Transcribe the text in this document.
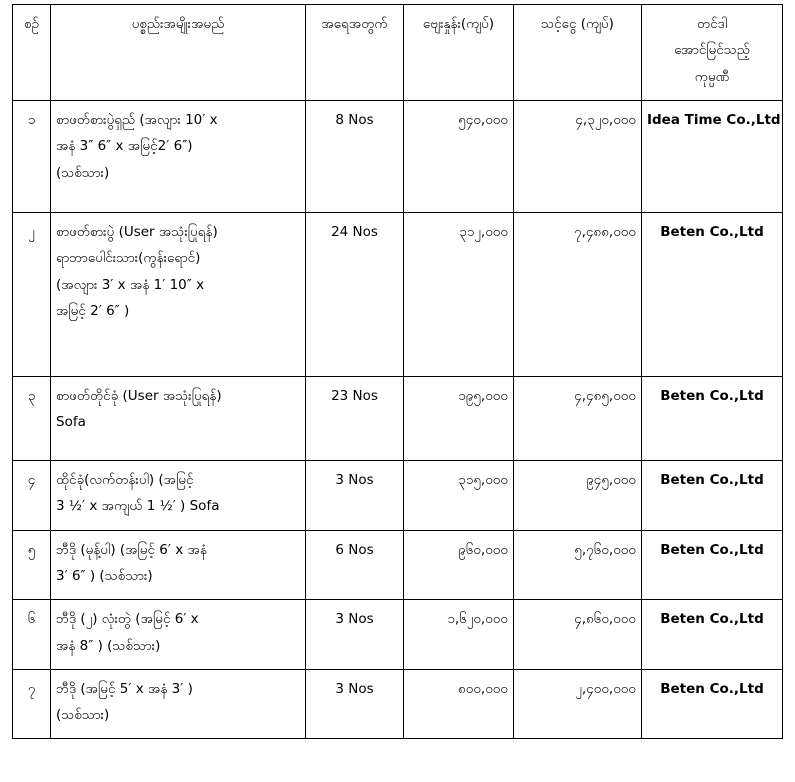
စဉ်	ပစ္စည်းအမျိုးအမည်	အရေအတွက်	ဗျေးနှုန်း(ကျပ်)	သင့်ငွေ (ကျပ်)	တင်ဒါ
အောင်မြင်သည့်
ကုမ္ပဏီ

၁	စာဖတ်စားပွဲရှည် (အလျား 10′ x
အနံ 3″ 6″ x အမြင့်2′ 6″)
(သစ်သား)	8 Nos	၅၄၀,၀၀၀	၄,၃၂၀,၀၀၀	Idea Time Co.,Ltd
၂	စာဖတ်စားပွဲ (User အသုံးပြုရန်)
ရာဘာပေါင်းသား(ကွန်းရောင်)
(အလျား 3′ x အနံ 1′ 10″ x
အမြင့် 2′ 6″ )	24 Nos	၃၁၂,၀၀၀	၇,၄၈၈,၀၀၀	Beten Co.,Ltd
၃	စာဖတ်တိုင်ခုံ (User အသုံးပြုရန်)
Sofa	23 Nos	၁၉၅,၀၀၀	၄,၄၈၅,၀၀၀	Beten Co.,Ltd
၄	ထိုင်ခုံ(လက်တန်းပါ) (အမြင့်
3 ½′ x အကျယ် 1 ½′ ) Sofa	3 Nos	၃၁၅,၀၀၀	၉၄၅,၀၀၀	Beten Co.,Ltd
၅	ဘီဒို (မုန့်ပါ) (အမြင့် 6′ x အနံ
3′ 6″ ) (သစ်သား)	6 Nos	၉၆၀,၀၀၀	၅,၇၆၀,၀၀၀	Beten Co.,Ltd
၆	ဘီဒို (၂) လုံးတွဲ (အမြင့် 6′ x
အနံ 8″ ) (သစ်သား)	3 Nos	၁,၆၂၀,၀၀၀	၄,၈၆၀,၀၀၀	Beten Co.,Ltd
၇	ဘီဒို (အမြင့် 5′ x အနံ 3′ )
(သစ်သား)	3 Nos	၈၀၀,၀၀၀	၂,၄၀၀,၀၀၀	Beten Co.,Ltd
